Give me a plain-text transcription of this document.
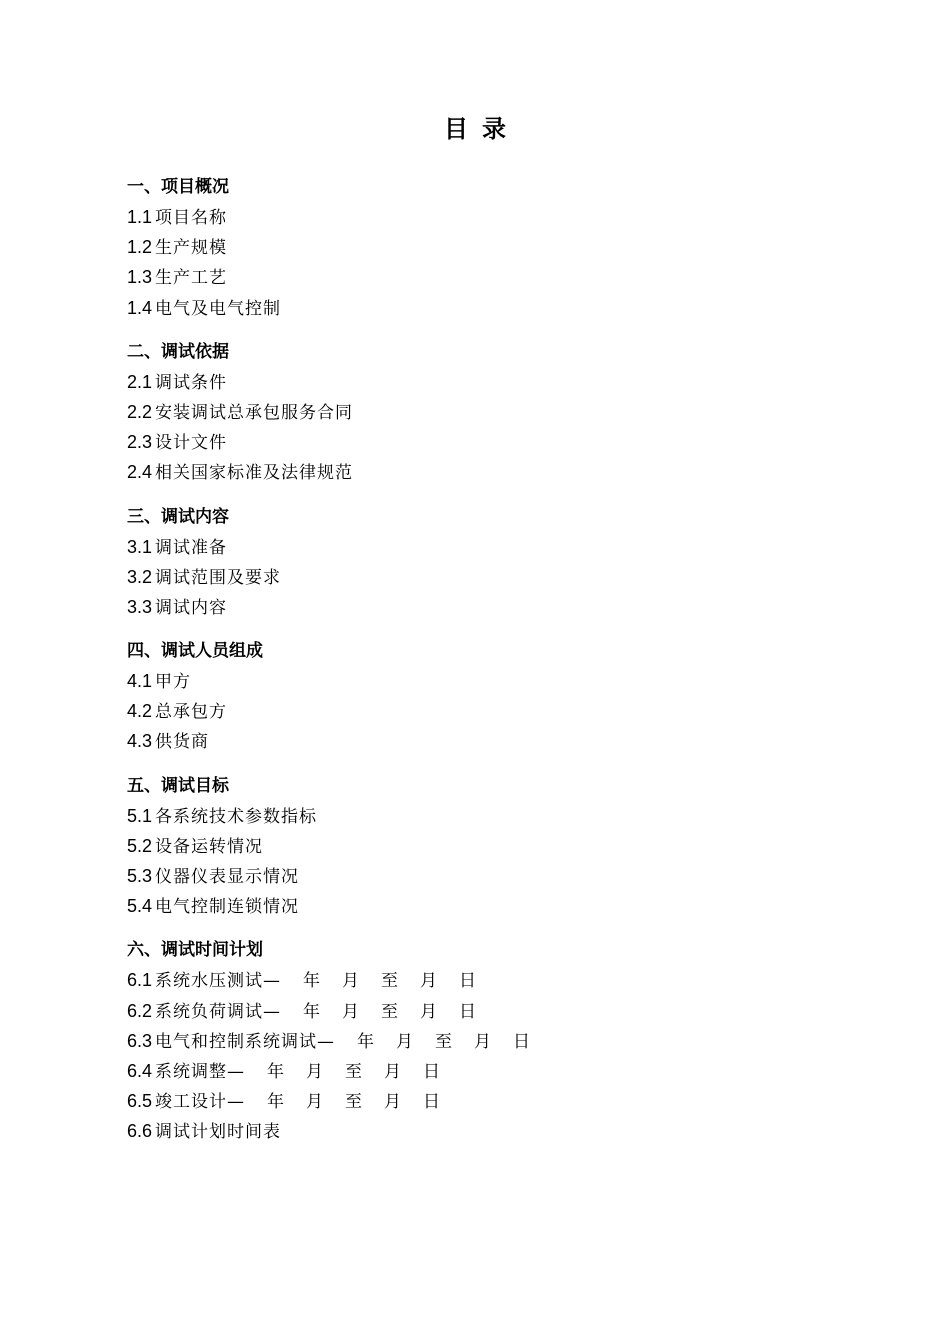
目 录
一、项目概况
1.1 项目名称
1.2 生产规模
1.3 生产工艺
1.4 电气及电气控制
二、调试依据
2.1 调试条件
2.2 安装调试总承包服务合同
2.3 设计文件
2.4 相关国家标准及法律规范
三、调试内容
3.1 调试准备
3.2 调试范围及要求
3.3 调试内容
四、调试人员组成
4.1 甲方
4.2 总承包方
4.3 供货商
五、调试目标
5.1 各系统技术参数指标
5.2 设备运转情况
5.3 仪器仪表显示情况
5.4 电气控制连锁情况
六、调试时间计划
6.1 系统水压测试— 年 月 至 月 日
6.2 系统负荷调试— 年 月 至 月 日
6.3 电气和控制系统调试— 年 月 至 月 日
6.4 系统调整— 年 月 至 月 日
6.5 竣工设计— 年 月 至 月 日
6.6 调试计划时间表
